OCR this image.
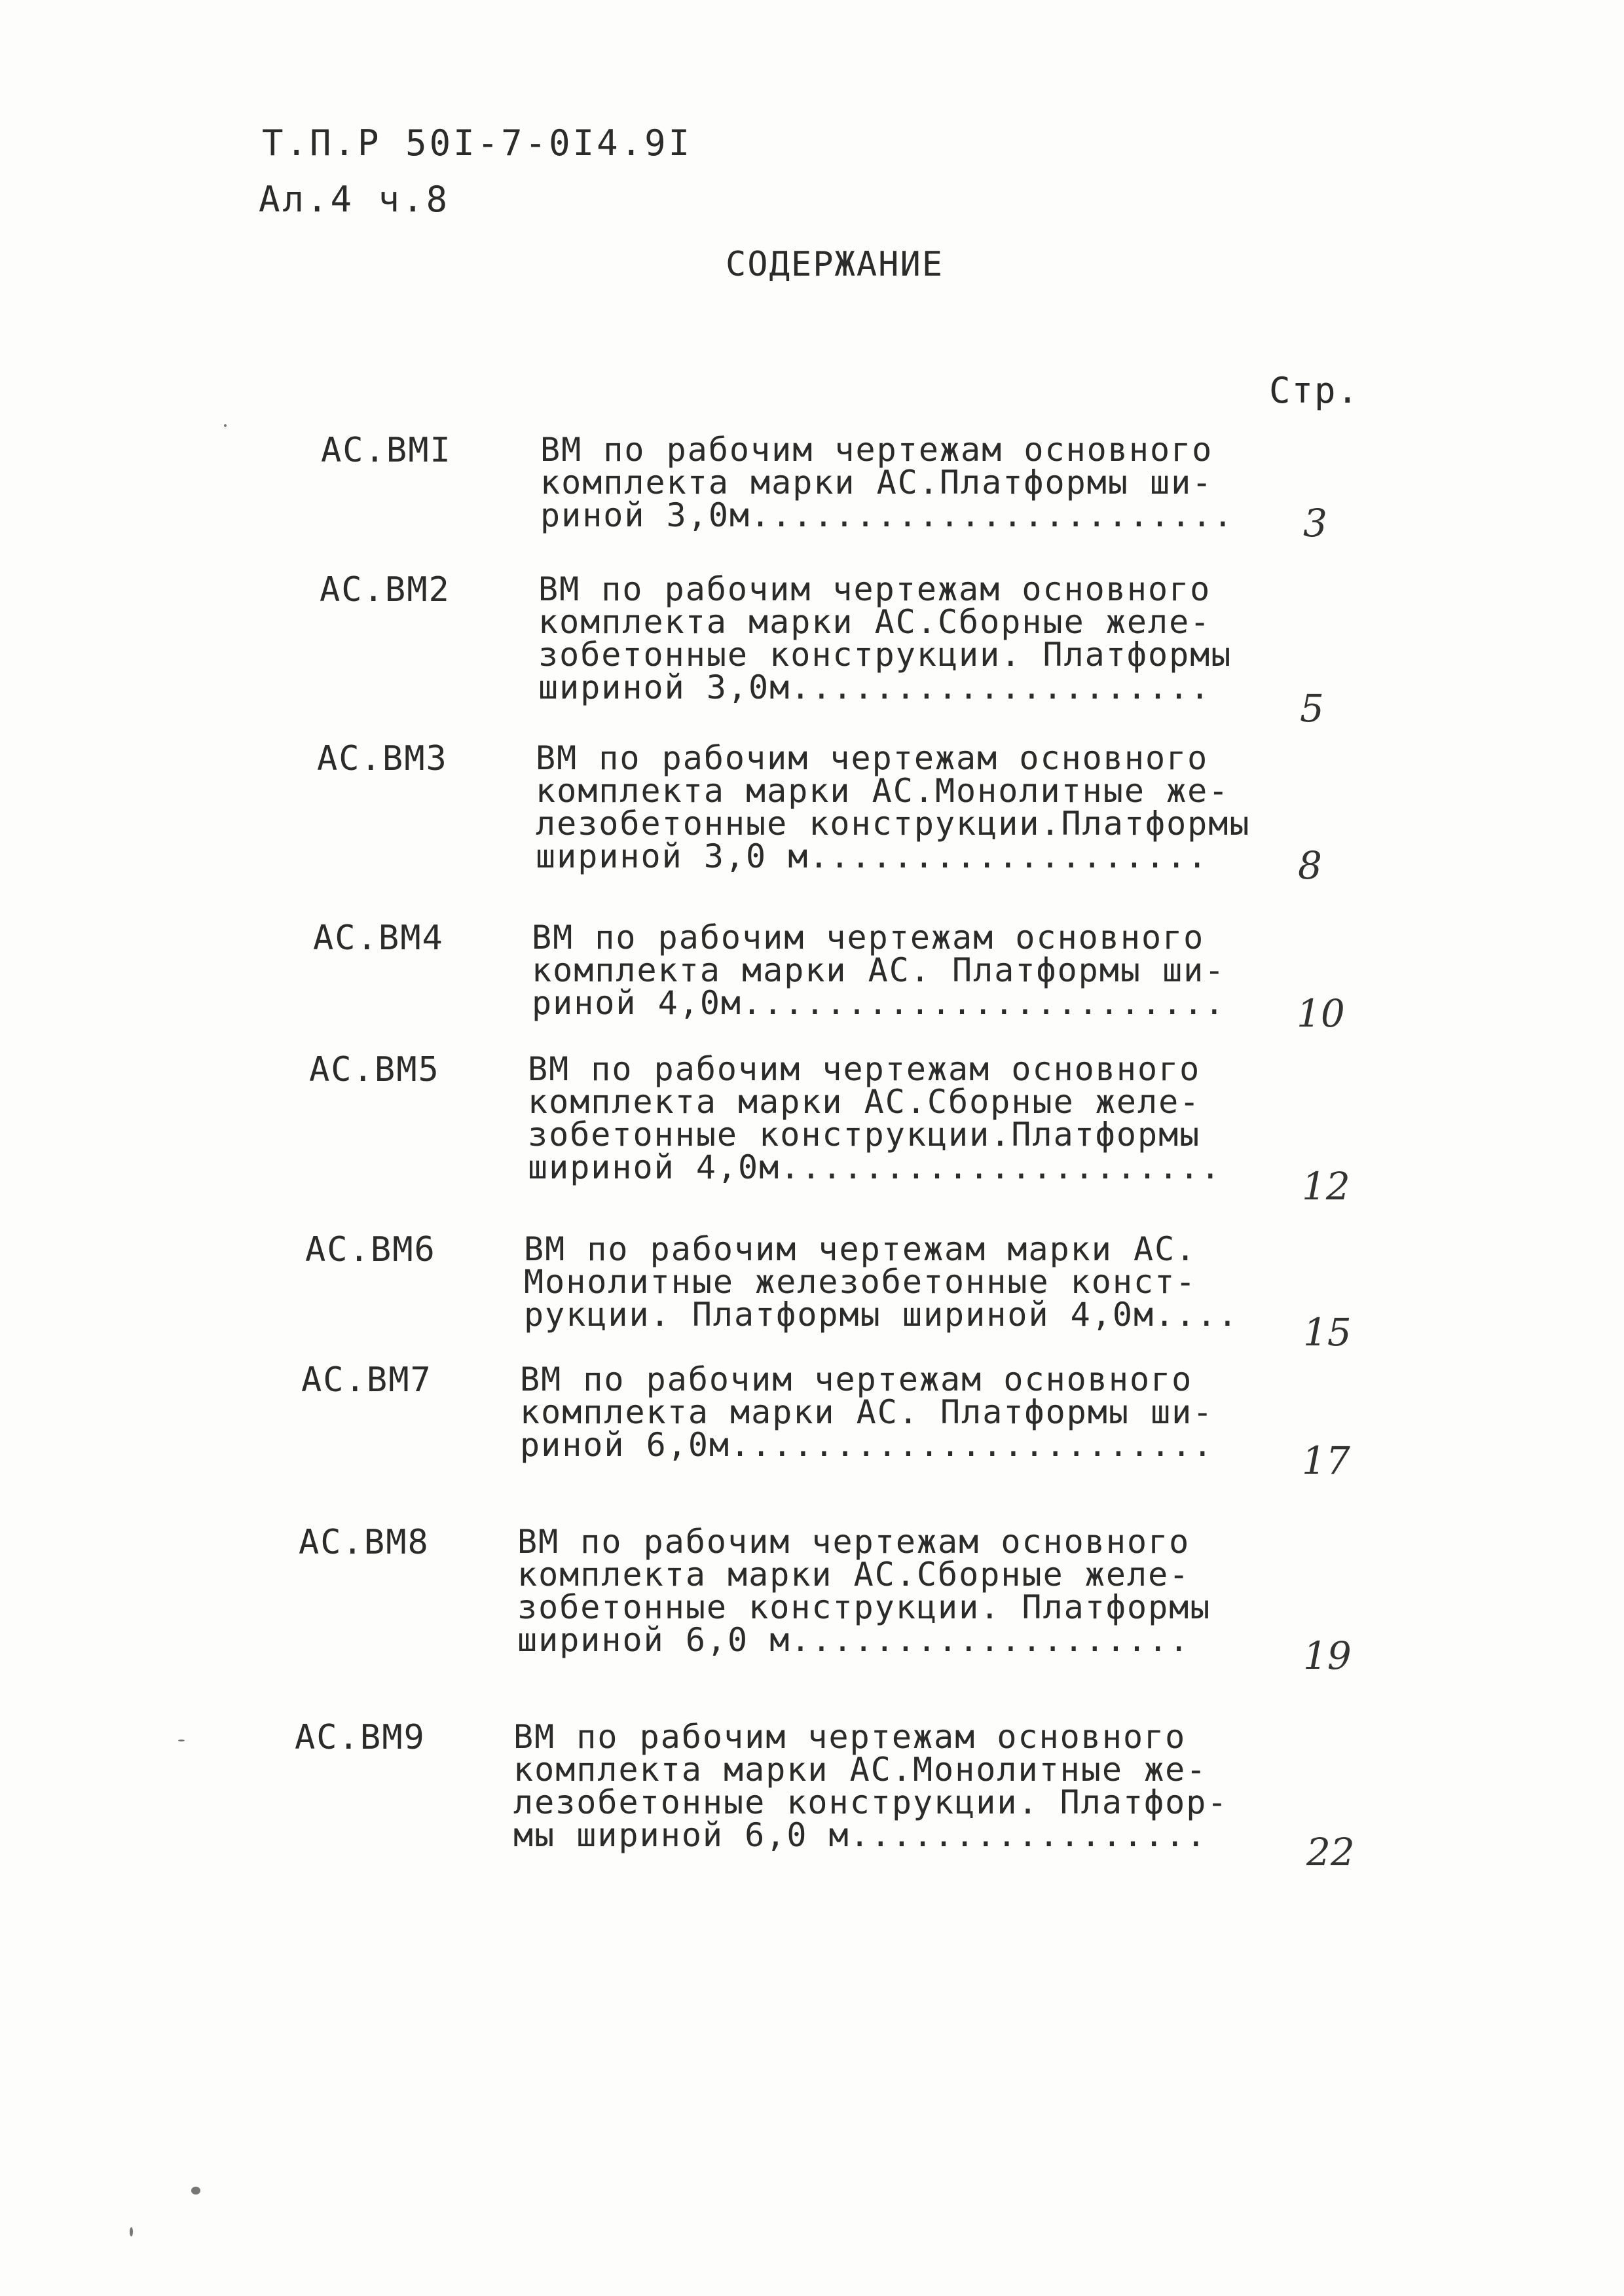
Т.П.Р 50I-7-0I4.9I
Ал.4 ч.8
СОДЕРЖАНИЕ
Стр.
АС.ВМI	ВМ по рабочим чертежам основного
комплекта марки АС.Платформы ши-
риной 3,0м....................... 3
АС.ВМ2	ВМ по рабочим чертежам основного
комплекта марки АС.Сборные желе-
зобетонные конструкции. Платформы
шириной 3,0м....................	5
АС.ВМ3	ВМ по рабочим чертежам основного
комплекта марки АС.Монолитные же-
лезобетонные конструкции.Платформы
шириной 3,0 м...................	8
АС.ВМ4	ВМ по рабочим чертежам основного
комплекта марки АС. Платформы ши-
риной 4,0м....................... 10
АС.ВМ5	ВМ по рабочим чертежам основного
комплекта марки АС.Сборные желе-
зобетонные конструкции.Платформы
шириной 4,0м..................... 12
АС.ВМ6	ВМ по рабочим чертежам марки АС.
Монолитные железобетонные конст-
рукции. Платформы шириной 4,0м.... 15
АС.ВМ7	ВМ по рабочим чертежам основного
комплекта марки АС. Платформы ши-
риной 6,0м....................... 17
АС.ВМ8	ВМ по рабочим чертежам основного
комплекта марки АС.Сборные желе-
зобетонные конструкции. Платформы
шириной 6,0 м...................	19
АС.ВМ9	ВМ по рабочим чертежам основного
комплекта марки АС.Монолитные же-
лезобетонные конструкции. Платфор-
мы шириной 6,0 м.................	22
